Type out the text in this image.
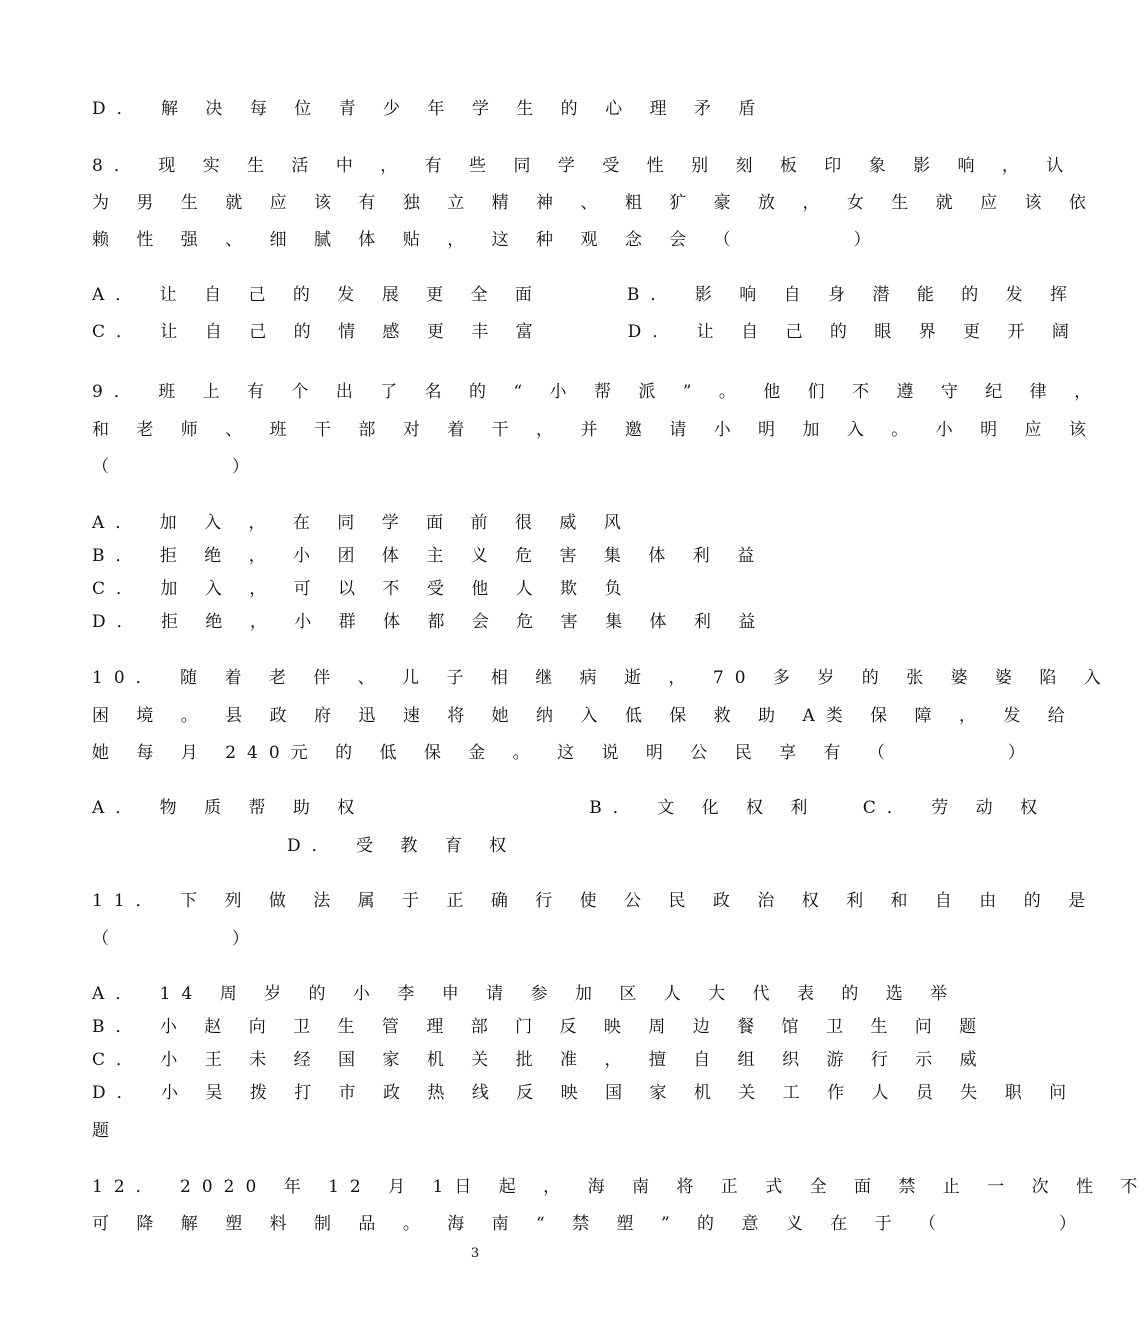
D． 解 决 每 位 青 少 年 学 生 的 心 理 矛 盾
8． 现 实 生 活 中 ， 有 些 同 学 受 性 别 刻 板 印 象 影 响 ， 认
为 男 生 就 应 该 有 独 立 精 神 、 粗 犷 豪 放 ， 女 生 就 应 该 依
赖 性 强 、 细 腻 体 贴 ， 这 种 观 念 会 （　　　　）
A． 让 自 己 的 发 展 更 全 面　　　B． 影 响 自 身 潜 能 的 发 挥
C． 让 自 己 的 情 感 更 丰 富　　　D． 让 自 己 的 眼 界 更 开 阔
9． 班 上 有 个 出 了 名 的 “ 小 帮 派 ” 。 他 们 不 遵 守 纪 律 ，
和 老 师 、 班 干 部 对 着 干 ， 并 邀 请 小 明 加 入 。 小 明 应 该
（　　　　）
A． 加 入 ， 在 同 学 面 前 很 威 风
B． 拒 绝 ， 小 团 体 主 义 危 害 集 体 利 益
C． 加 入 ， 可 以 不 受 他 人 欺 负
D． 拒 绝 ， 小 群 体 都 会 危 害 集 体 利 益
10． 随 着 老 伴 、 儿 子 相 继 病 逝 ， 70 多 岁 的 张 婆 婆 陷 入
困 境 。 县 政 府 迅 速 将 她 纳 入 低 保 救 助 A类 保 障 ， 发 给
她 每 月 240元 的 低 保 金 。 这 说 明 公 民 享 有 （　　　　）
A． 物 质 帮 助 权　　　　　　　　B． 文 化 权 利　 C． 劳 动 权
D． 受 教 育 权
11． 下 列 做 法 属 于 正 确 行 使 公 民 政 治 权 利 和 自 由 的 是
（　　　　）
A． 14 周 岁 的 小 李 申 请 参 加 区 人 大 代 表 的 选 举
B． 小 赵 向 卫 生 管 理 部 门 反 映 周 边 餐 馆 卫 生 问 题
C． 小 王 未 经 国 家 机 关 批 准 ， 擅 自 组 织 游 行 示 威
D． 小 吴 拨 打 市 政 热 线 反 映 国 家 机 关 工 作 人 员 失 职 问
题
12． 2020 年 12 月 1日 起 ， 海 南 将 正 式 全 面 禁 止 一 次 性 不
可 降 解 塑 料 制 品 。 海 南 “ 禁 塑 ” 的 意 义 在 于 （　　　　）
3
